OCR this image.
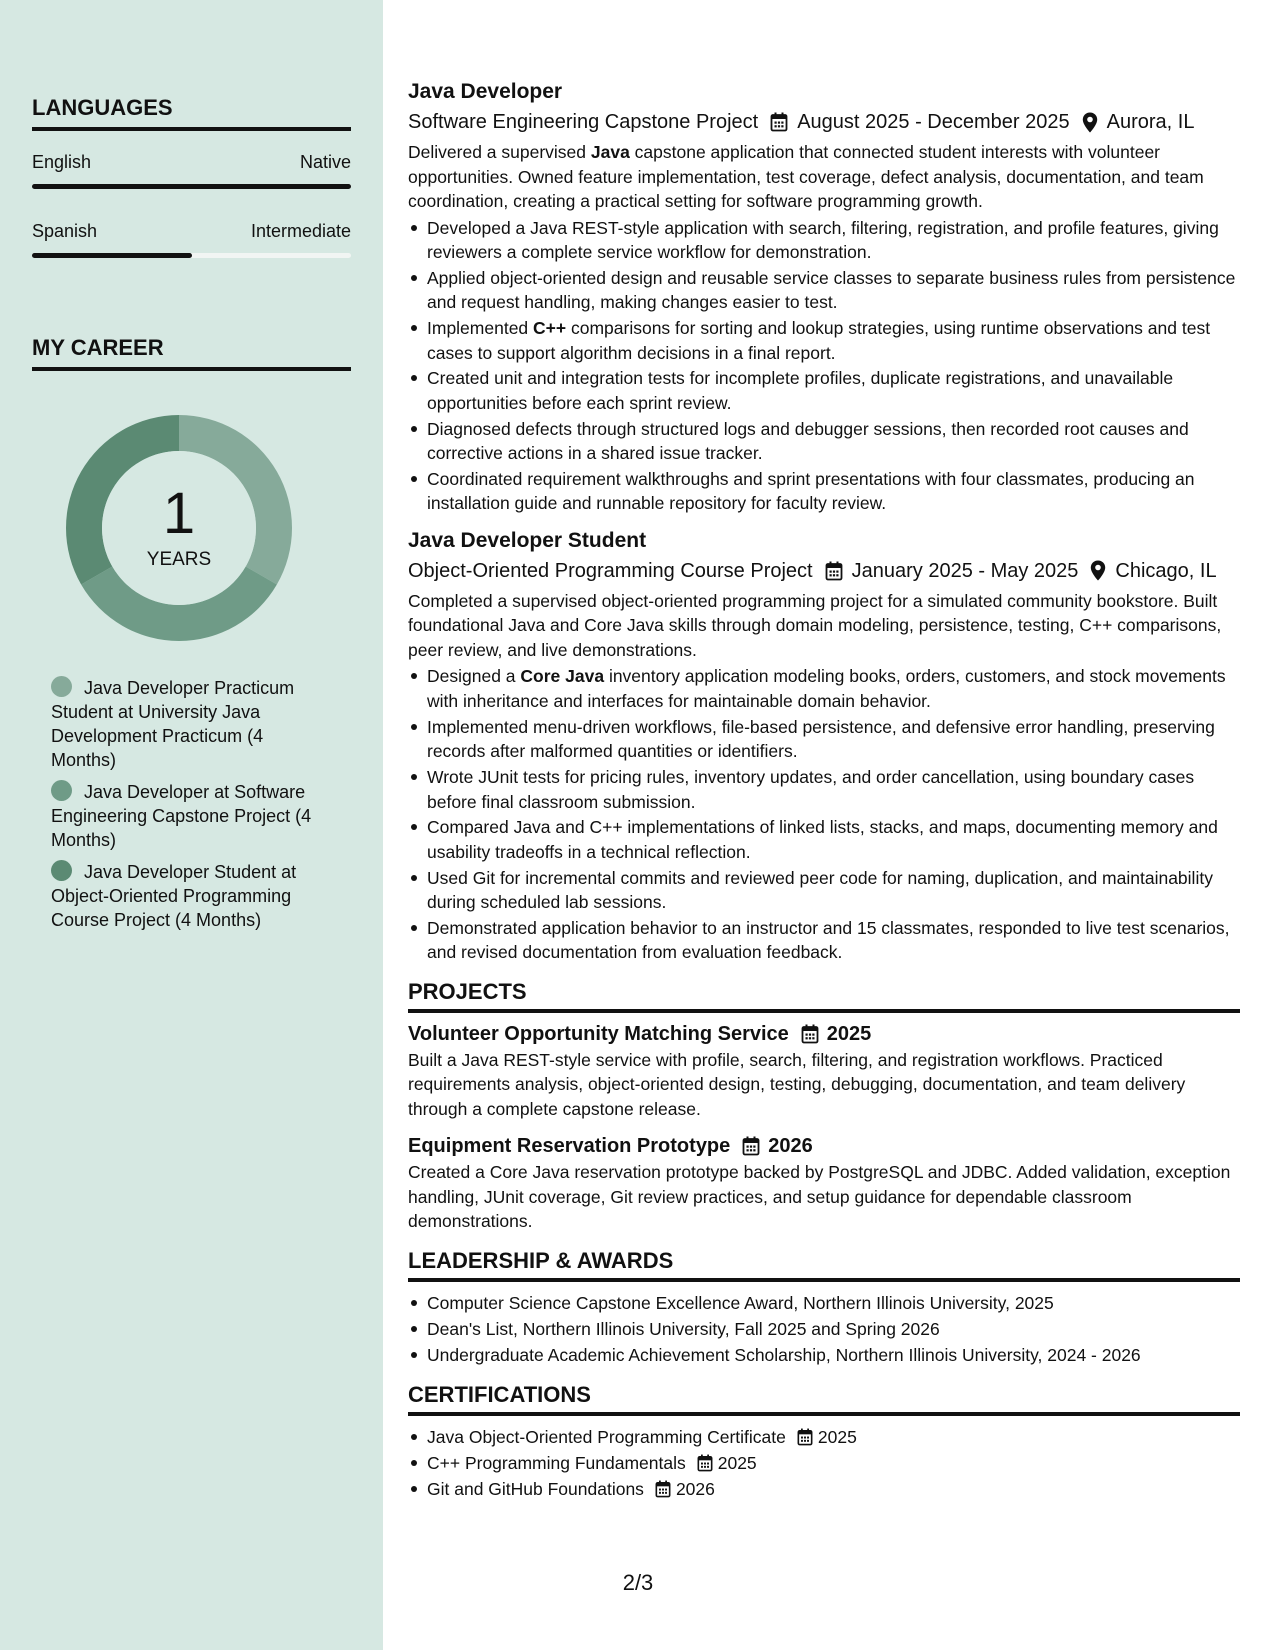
LANGUAGES
English	Native
Spanish	Intermediate
MY CAREER
1
YEARS
Java Developer Practicum Student at University Java Development Practicum (4 Months)
Java Developer at Software Engineering Capstone Project (4 Months)
Java Developer Student at Object-Oriented Programming Course Project (4 Months)
Java Developer
Software Engineering Capstone Project August 2025 - December 2025 Aurora, IL

Delivered a supervised Java capstone application that connected student interests with volunteer opportunities. Owned feature implementation, test coverage, defect analysis, documentation, and team coordination, creating a practical setting for software programming growth.

Developed a Java REST-style application with search, filtering, registration, and profile features, giving reviewers a complete service workflow for demonstration.
Applied object-oriented design and reusable service classes to separate business rules from persistence and request handling, making changes easier to test.
Implemented C++ comparisons for sorting and lookup strategies, using runtime observations and test cases to support algorithm decisions in a final report.
Created unit and integration tests for incomplete profiles, duplicate registrations, and unavailable opportunities before each sprint review.
Diagnosed defects through structured logs and debugger sessions, then recorded root causes and corrective actions in a shared issue tracker.
Coordinated requirement walkthroughs and sprint presentations with four classmates, producing an installation guide and runnable repository for faculty review.
Java Developer Student
Object-Oriented Programming Course Project January 2025 - May 2025 Chicago, IL

Completed a supervised object-oriented programming project for a simulated community bookstore. Built foundational Java and Core Java skills through domain modeling, persistence, testing, C++ comparisons, peer review, and live demonstrations.

Designed a Core Java inventory application modeling books, orders, customers, and stock movements with inheritance and interfaces for maintainable domain behavior.
Implemented menu-driven workflows, file-based persistence, and defensive error handling, preserving records after malformed quantities or identifiers.
Wrote JUnit tests for pricing rules, inventory updates, and order cancellation, using boundary cases before final classroom submission.
Compared Java and C++ implementations of linked lists, stacks, and maps, documenting memory and usability tradeoffs in a technical reflection.
Used Git for incremental commits and reviewed peer code for naming, duplication, and maintainability during scheduled lab sessions.
Demonstrated application behavior to an instructor and 15 classmates, responded to live test scenarios, and revised documentation from evaluation feedback.
PROJECTS
Volunteer Opportunity Matching Service 2025

Built a Java REST-style service with profile, search, filtering, and registration workflows. Practiced requirements analysis, object-oriented design, testing, debugging, documentation, and team delivery through a complete capstone release.

Equipment Reservation Prototype 2026

Created a Core Java reservation prototype backed by PostgreSQL and JDBC. Added validation, exception handling, JUnit coverage, Git review practices, and setup guidance for dependable classroom demonstrations.

LEADERSHIP & AWARDS
Computer Science Capstone Excellence Award, Northern Illinois University, 2025
Dean's List, Northern Illinois University, Fall 2025 and Spring 2026
Undergraduate Academic Achievement Scholarship, Northern Illinois University, 2024 - 2026
CERTIFICATIONS
Java Object-Oriented Programming Certificate 2025
C++ Programming Fundamentals 2025
Git and GitHub Foundations 2026
2/3
